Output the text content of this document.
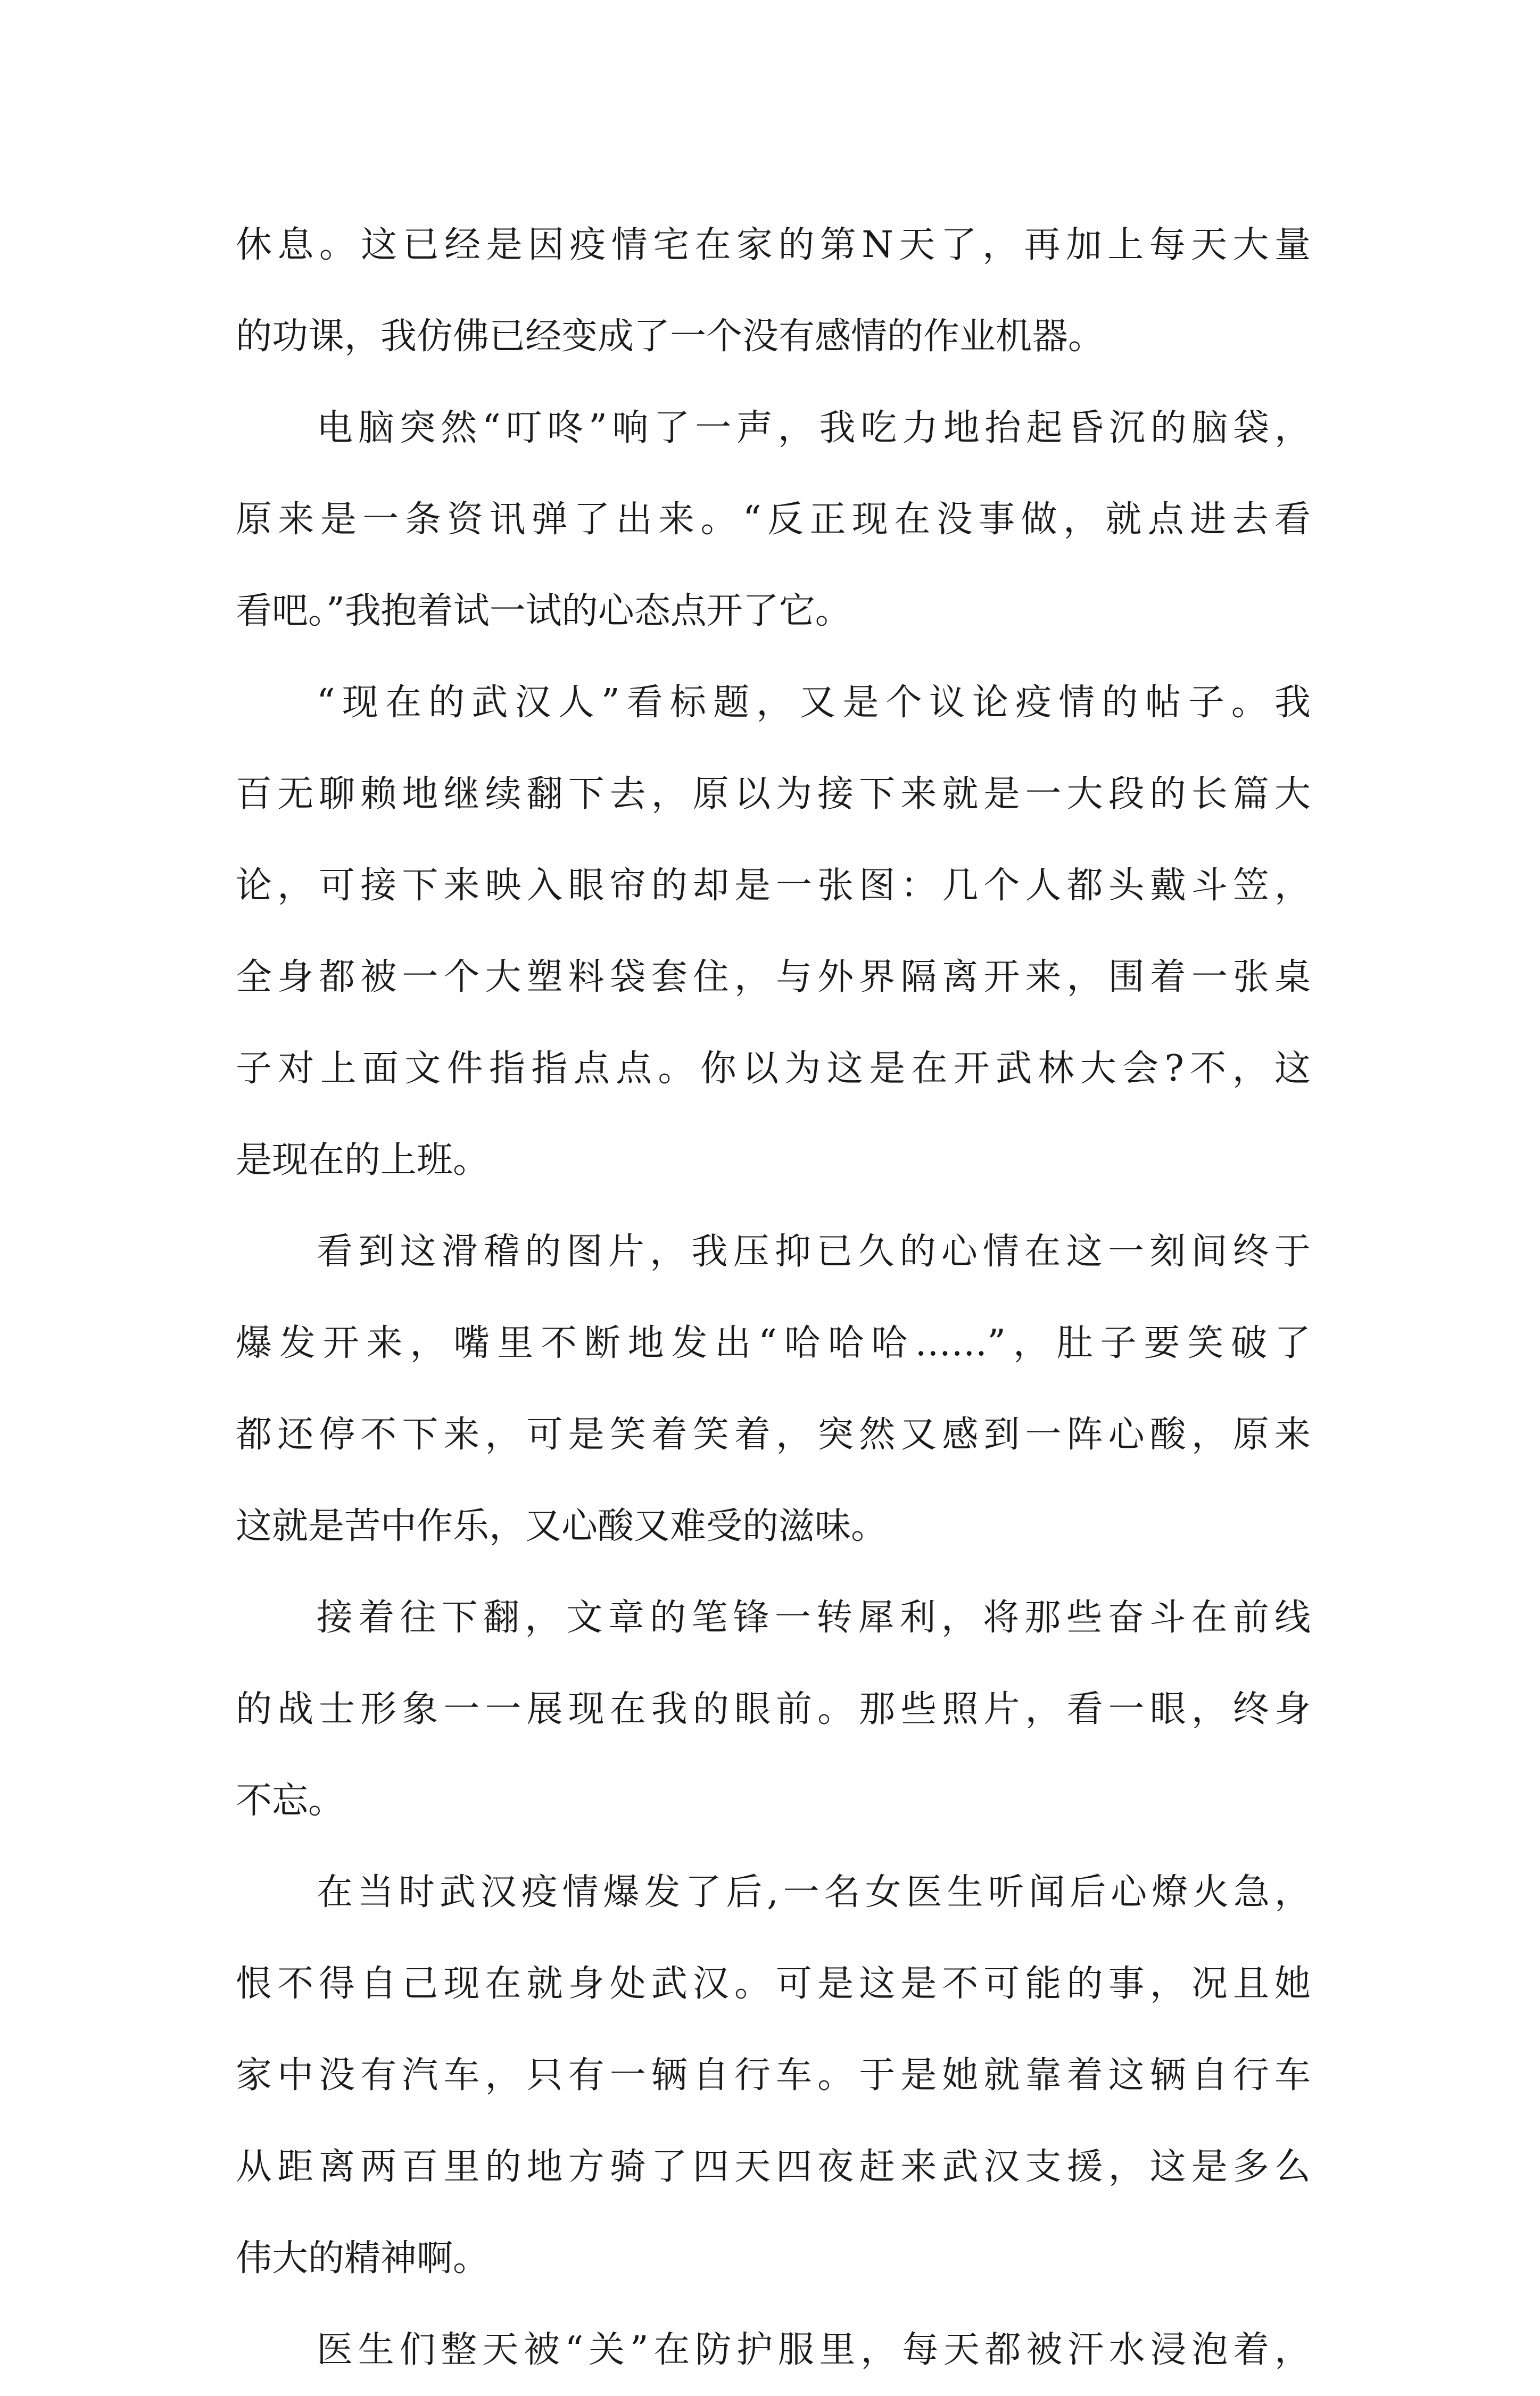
休息。这已经是因疫情宅在家的第N天了，再加上每天大量
的功课，我仿佛已经变成了一个没有感情的作业机器。
电脑突然“叮咚”响了一声，我吃力地抬起昏沉的脑袋，
原来是一条资讯弹了出来。“反正现在没事做，就点进去看
看吧。”我抱着试一试的心态点开了它。
“现在的武汉人”看标题，又是个议论疫情的帖子。我
百无聊赖地继续翻下去，原以为接下来就是一大段的长篇大
论，可接下来映入眼帘的却是一张图：几个人都头戴斗笠，
全身都被一个大塑料袋套住，与外界隔离开来，围着一张桌
子对上面文件指指点点。你以为这是在开武林大会?不，这
是现在的上班。
看到这滑稽的图片，我压抑已久的心情在这一刻间终于
爆发开来，嘴里不断地发出“哈哈哈……”，肚子要笑破了
都还停不下来，可是笑着笑着，突然又感到一阵心酸，原来
这就是苦中作乐，又心酸又难受的滋味。
接着往下翻，文章的笔锋一转犀利，将那些奋斗在前线
的战士形象一一展现在我的眼前。那些照片，看一眼，终身
不忘。
在当时武汉疫情爆发了后,一名女医生听闻后心燎火急，
恨不得自己现在就身处武汉。可是这是不可能的事，况且她
家中没有汽车，只有一辆自行车。于是她就靠着这辆自行车
从距离两百里的地方骑了四天四夜赶来武汉支援，这是多么
伟大的精神啊。
医生们整天被“关”在防护服里，每天都被汗水浸泡着，
